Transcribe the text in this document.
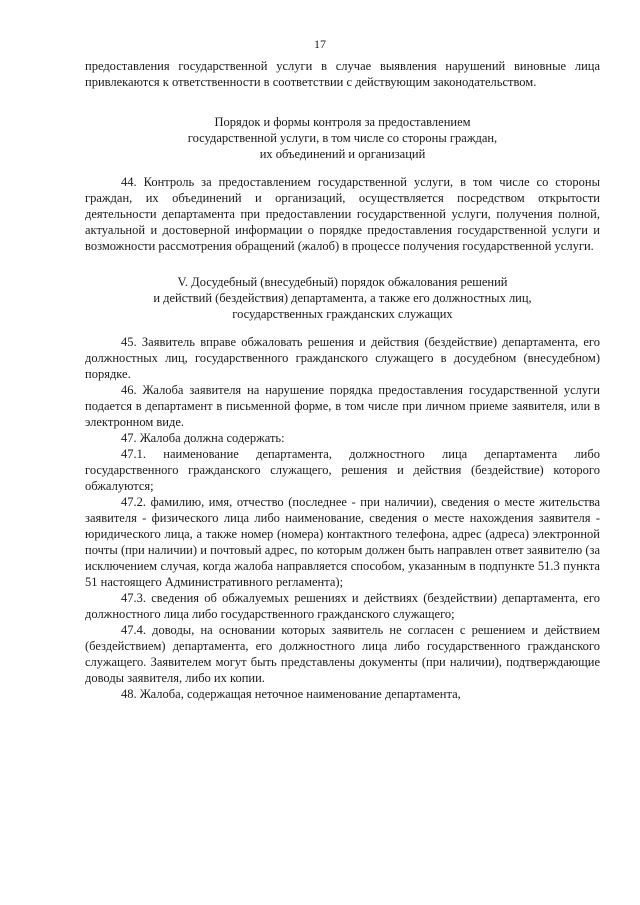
17

предоставления государственной услуги в случае выявления нарушений виновные лица привлекаются к ответственности в соответствии с действующим законодательством.

Порядок и формы контроля за предоставлением

государственной услуги, в том числе со стороны граждан,

их объединений и организаций

44. Контроль за предоставлением государственной услуги, в том числе со стороны граждан, их объединений и организаций, осуществляется посредством открытости деятельности департамента при предоставлении государственной услуги, получения полной, актуальной и достоверной информации о порядке предоставления государственной услуги и возможности рассмотрения обращений (жалоб) в процессе получения государственной услуги.

V. Досудебный (внесудебный) порядок обжалования решений

и действий (бездействия) департамента, а также его должностных лиц,

государственных гражданских служащих

45. Заявитель вправе обжаловать решения и действия (бездействие) департамента, его должностных лиц, государственного гражданского служащего в досудебном (внесудебном) порядке.

46. Жалоба заявителя на нарушение порядка предоставления государственной услуги подается в департамент в письменной форме, в том числе при личном приеме заявителя, или в электронном виде.

47. Жалоба должна содержать:

47.1. наименование департамента, должностного лица департамента либо государственного гражданского служащего, решения и действия (бездействие) которого обжалуются;

47.2. фамилию, имя, отчество (последнее - при наличии), сведения о месте жительства заявителя - физического лица либо наименование, сведения о месте нахождения заявителя - юридического лица, а также номер (номера) контактного телефона, адрес (адреса) электронной почты (при наличии) и почтовый адрес, по которым должен быть направлен ответ заявителю (за исключением случая, когда жалоба направляется способом, указанным в подпункте 51.3 пункта 51 настоящего Административного регламента);

47.3. сведения об обжалуемых решениях и действиях (бездействии) департамента, его должностного лица либо государственного гражданского служащего;

47.4. доводы, на основании которых заявитель не согласен с решением и действием (бездействием) департамента, его должностного лица либо государственного гражданского служащего. Заявителем могут быть представлены документы (при наличии), подтверждающие доводы заявителя, либо их копии.

48. Жалоба, содержащая неточное наименование департамента,
